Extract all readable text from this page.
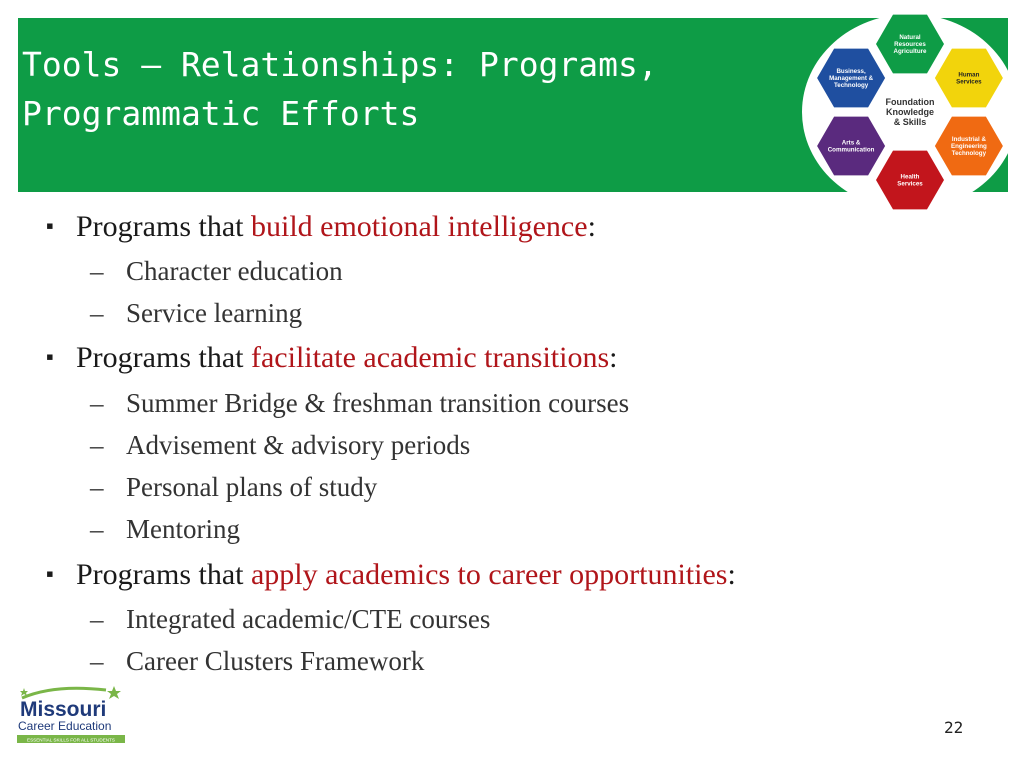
Tools — Relationships: Programs,
Programmatic Efforts
Natural Resources Agriculture
Human Services
Industrial & Engineering Technology
Health Services
Arts & Communication
Business, Management & Technology
Foundation Knowledge & Skills
▪ Programs that build emotional intelligence:
– Character education
– Service learning
▪ Programs that facilitate academic transitions:
– Summer Bridge & freshman transition courses
– Advisement & advisory periods
– Personal plans of study
– Mentoring
▪ Programs that apply academics to career opportunities:
– Integrated academic/CTE courses
– Career Clusters Framework
Missouri
Career Education
ESSENTIAL SKILLS FOR ALL STUDENTS
22
